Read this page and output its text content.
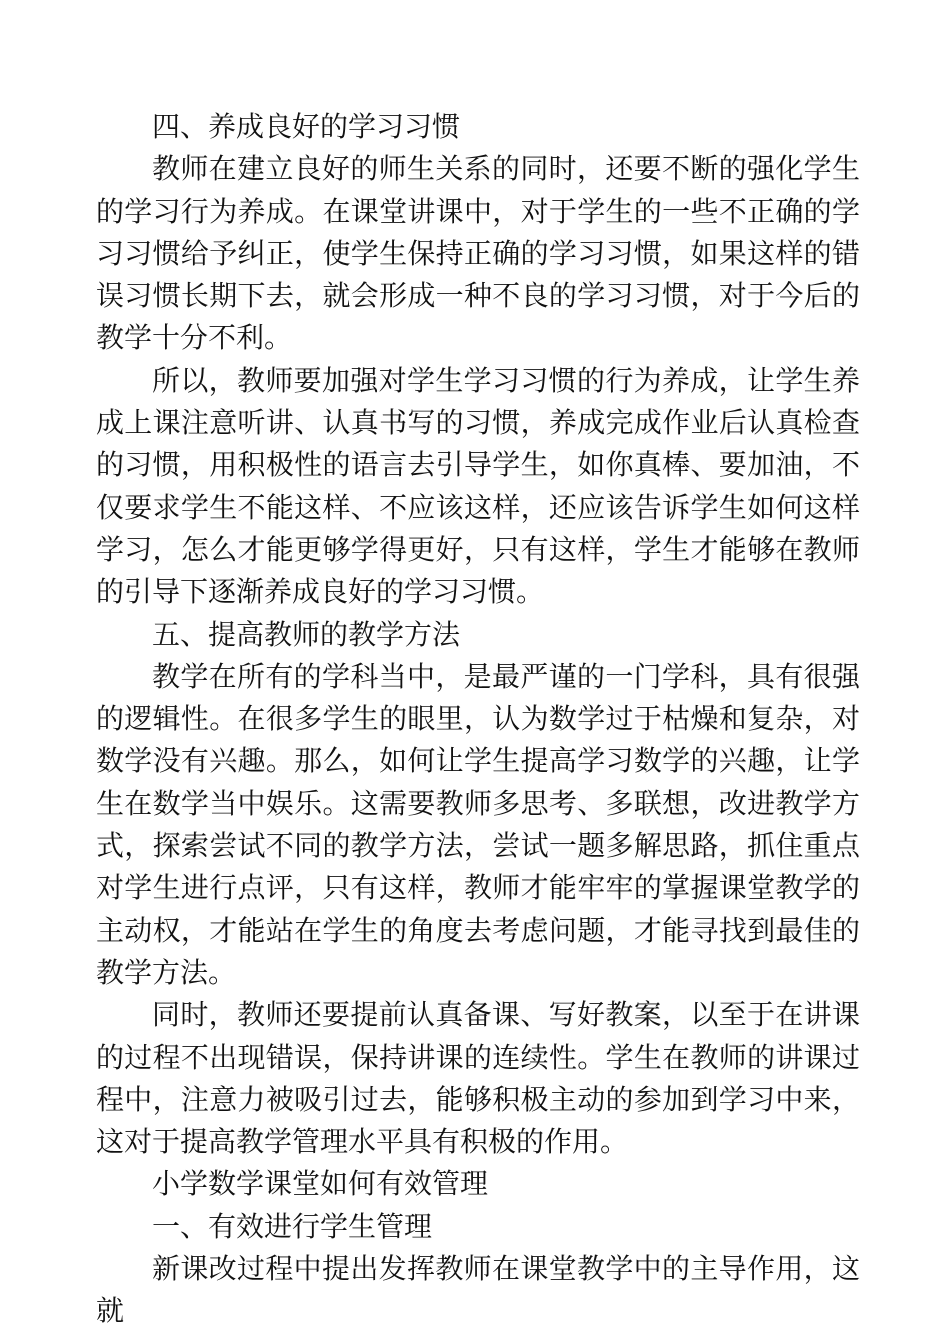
四、养成良好的学习习惯

教师在建立良好的师生关系的同时，还要不断的强化学生的学习行为养成。在课堂讲课中，对于学生的一些不正确的学习习惯给予纠正，使学生保持正确的学习习惯，如果这样的错误习惯长期下去，就会形成一种不良的学习习惯，对于今后的教学十分不利。

所以，教师要加强对学生学习习惯的行为养成，让学生养成上课注意听讲、认真书写的习惯，养成完成作业后认真检查的习惯，用积极性的语言去引导学生，如你真棒、要加油，不仅要求学生不能这样、不应该这样，还应该告诉学生如何这样学习，怎么才能更够学得更好，只有这样，学生才能够在教师的引导下逐渐养成良好的学习习惯。

五、提高教师的教学方法

教学在所有的学科当中，是最严谨的一门学科，具有很强的逻辑性。在很多学生的眼里，认为数学过于枯燥和复杂，对数学没有兴趣。那么，如何让学生提高学习数学的兴趣，让学生在数学当中娱乐。这需要教师多思考、多联想，改进教学方式，探索尝试不同的教学方法，尝试一题多解思路，抓住重点对学生进行点评，只有这样，教师才能牢牢的掌握课堂教学的主动权，才能站在学生的角度去考虑问题，才能寻找到最佳的教学方法。

同时，教师还要提前认真备课、写好教案，以至于在讲课的过程不出现错误，保持讲课的连续性。学生在教师的讲课过程中，注意力被吸引过去，能够积极主动的参加到学习中来，这对于提高教学管理水平具有积极的作用。

小学数学课堂如何有效管理

一、有效进行学生管理

新课改过程中提出发挥教师在课堂教学中的主导作用，这就
